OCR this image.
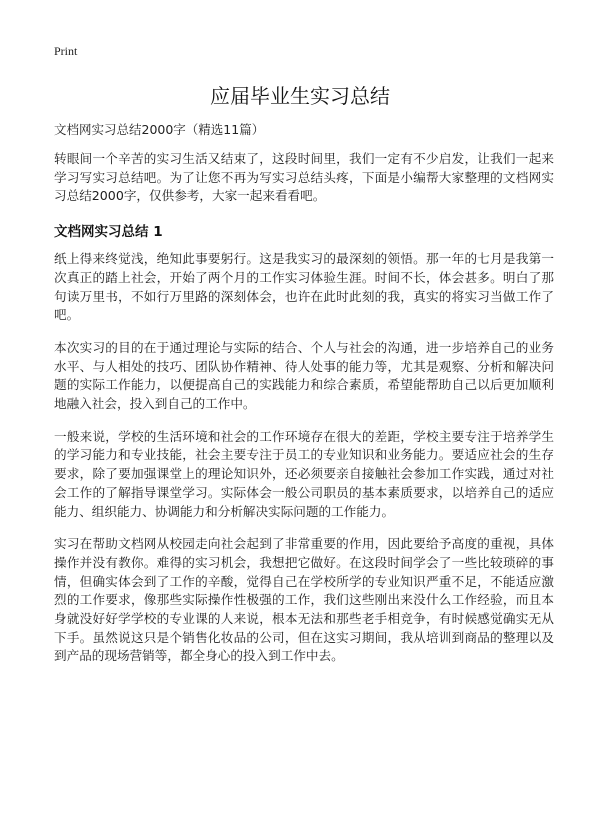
Print
应届毕业生实习总结
文档网实习总结2000字（精选11篇）

转眼间一个辛苦的实习生活又结束了，这段时间里，我们一定有不少启发，让我们一起来学习写实习总结吧。为了让您不再为写实习总结头疼，下面是小编帮大家整理的文档网实习总结2000字，仅供参考，大家一起来看看吧。

文档网实习总结 1

纸上得来终觉浅，绝知此事要躬行。这是我实习的最深刻的领悟。那一年的七月是我第一次真正的踏上社会，开始了两个月的工作实习体验生涯。时间不长，体会甚多。明白了那句读万里书，不如行万里路的深刻体会，也许在此时此刻的我，真实的将实习当做工作了吧。

本次实习的目的在于通过理论与实际的结合、个人与社会的沟通，进一步培养自己的业务水平、与人相处的技巧、团队协作精神、待人处事的能力等，尤其是观察、分析和解决问题的实际工作能力，以便提高自己的实践能力和综合素质，希望能帮助自己以后更加顺利地融入社会，投入到自己的工作中。

一般来说，学校的生活环境和社会的工作环境存在很大的差距，学校主要专注于培养学生的学习能力和专业技能，社会主要专注于员工的专业知识和业务能力。要适应社会的生存要求，除了要加强课堂上的理论知识外，还必须要亲自接触社会参加工作实践，通过对社会工作的了解指导课堂学习。实际体会一般公司职员的基本素质要求，以培养自己的适应能力、组织能力、协调能力和分析解决实际问题的工作能力。

实习在帮助文档网从校园走向社会起到了非常重要的作用，因此要给予高度的重视，具体操作并没有教你。难得的实习机会，我想把它做好。在这段时间学会了一些比较琐碎的事情，但确实体会到了工作的辛酸，觉得自己在学校所学的专业知识严重不足，不能适应激烈的工作要求，像那些实际操作性极强的工作，我们这些刚出来没什么工作经验，而且本身就没好好学学校的专业课的人来说，根本无法和那些老手相竞争，有时候感觉确实无从下手。虽然说这只是个销售化妆品的公司，但在这实习期间，我从培训到商品的整理以及到产品的现场营销等，都全身心的投入到工作中去。
